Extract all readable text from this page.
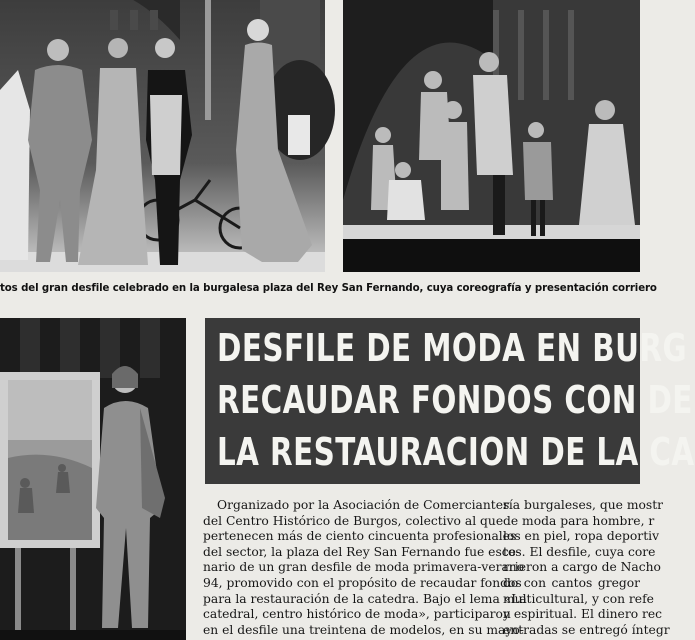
tos del gran desfile celebrado en la burgalesa plaza del Rey San Fernando, cuya coreografía y presentación corriero
DESFILE DE MODA EN BURG
RECAUDAR FONDOS CON DE
LA RESTAURACION DE LA CA
Organizado por la Asociación de Comerciantes
del Centro Histórico de Burgos, colectivo al que
pertenecen más de ciento cincuenta profesionales
del sector, la plaza del Rey San Fernando fue esce-
nario de un gran desfile de moda primavera-verano
94, promovido con el propósito de recaudar fondos
para la restauración de la catedra. Bajo el lema «La
catedral, centro histórico de moda», participaron
en el desfile una treintena de modelos, en su mayo-
ría burgaleses, que mostr
de moda para hombre, r
los en piel, ropa deportiv
tos. El desfile, cuya core
rrieron a cargo de Nacho
do con cantos gregor
multicultural, y con refe
y espiritual. El dinero rec
entradas se entregó íntegr
